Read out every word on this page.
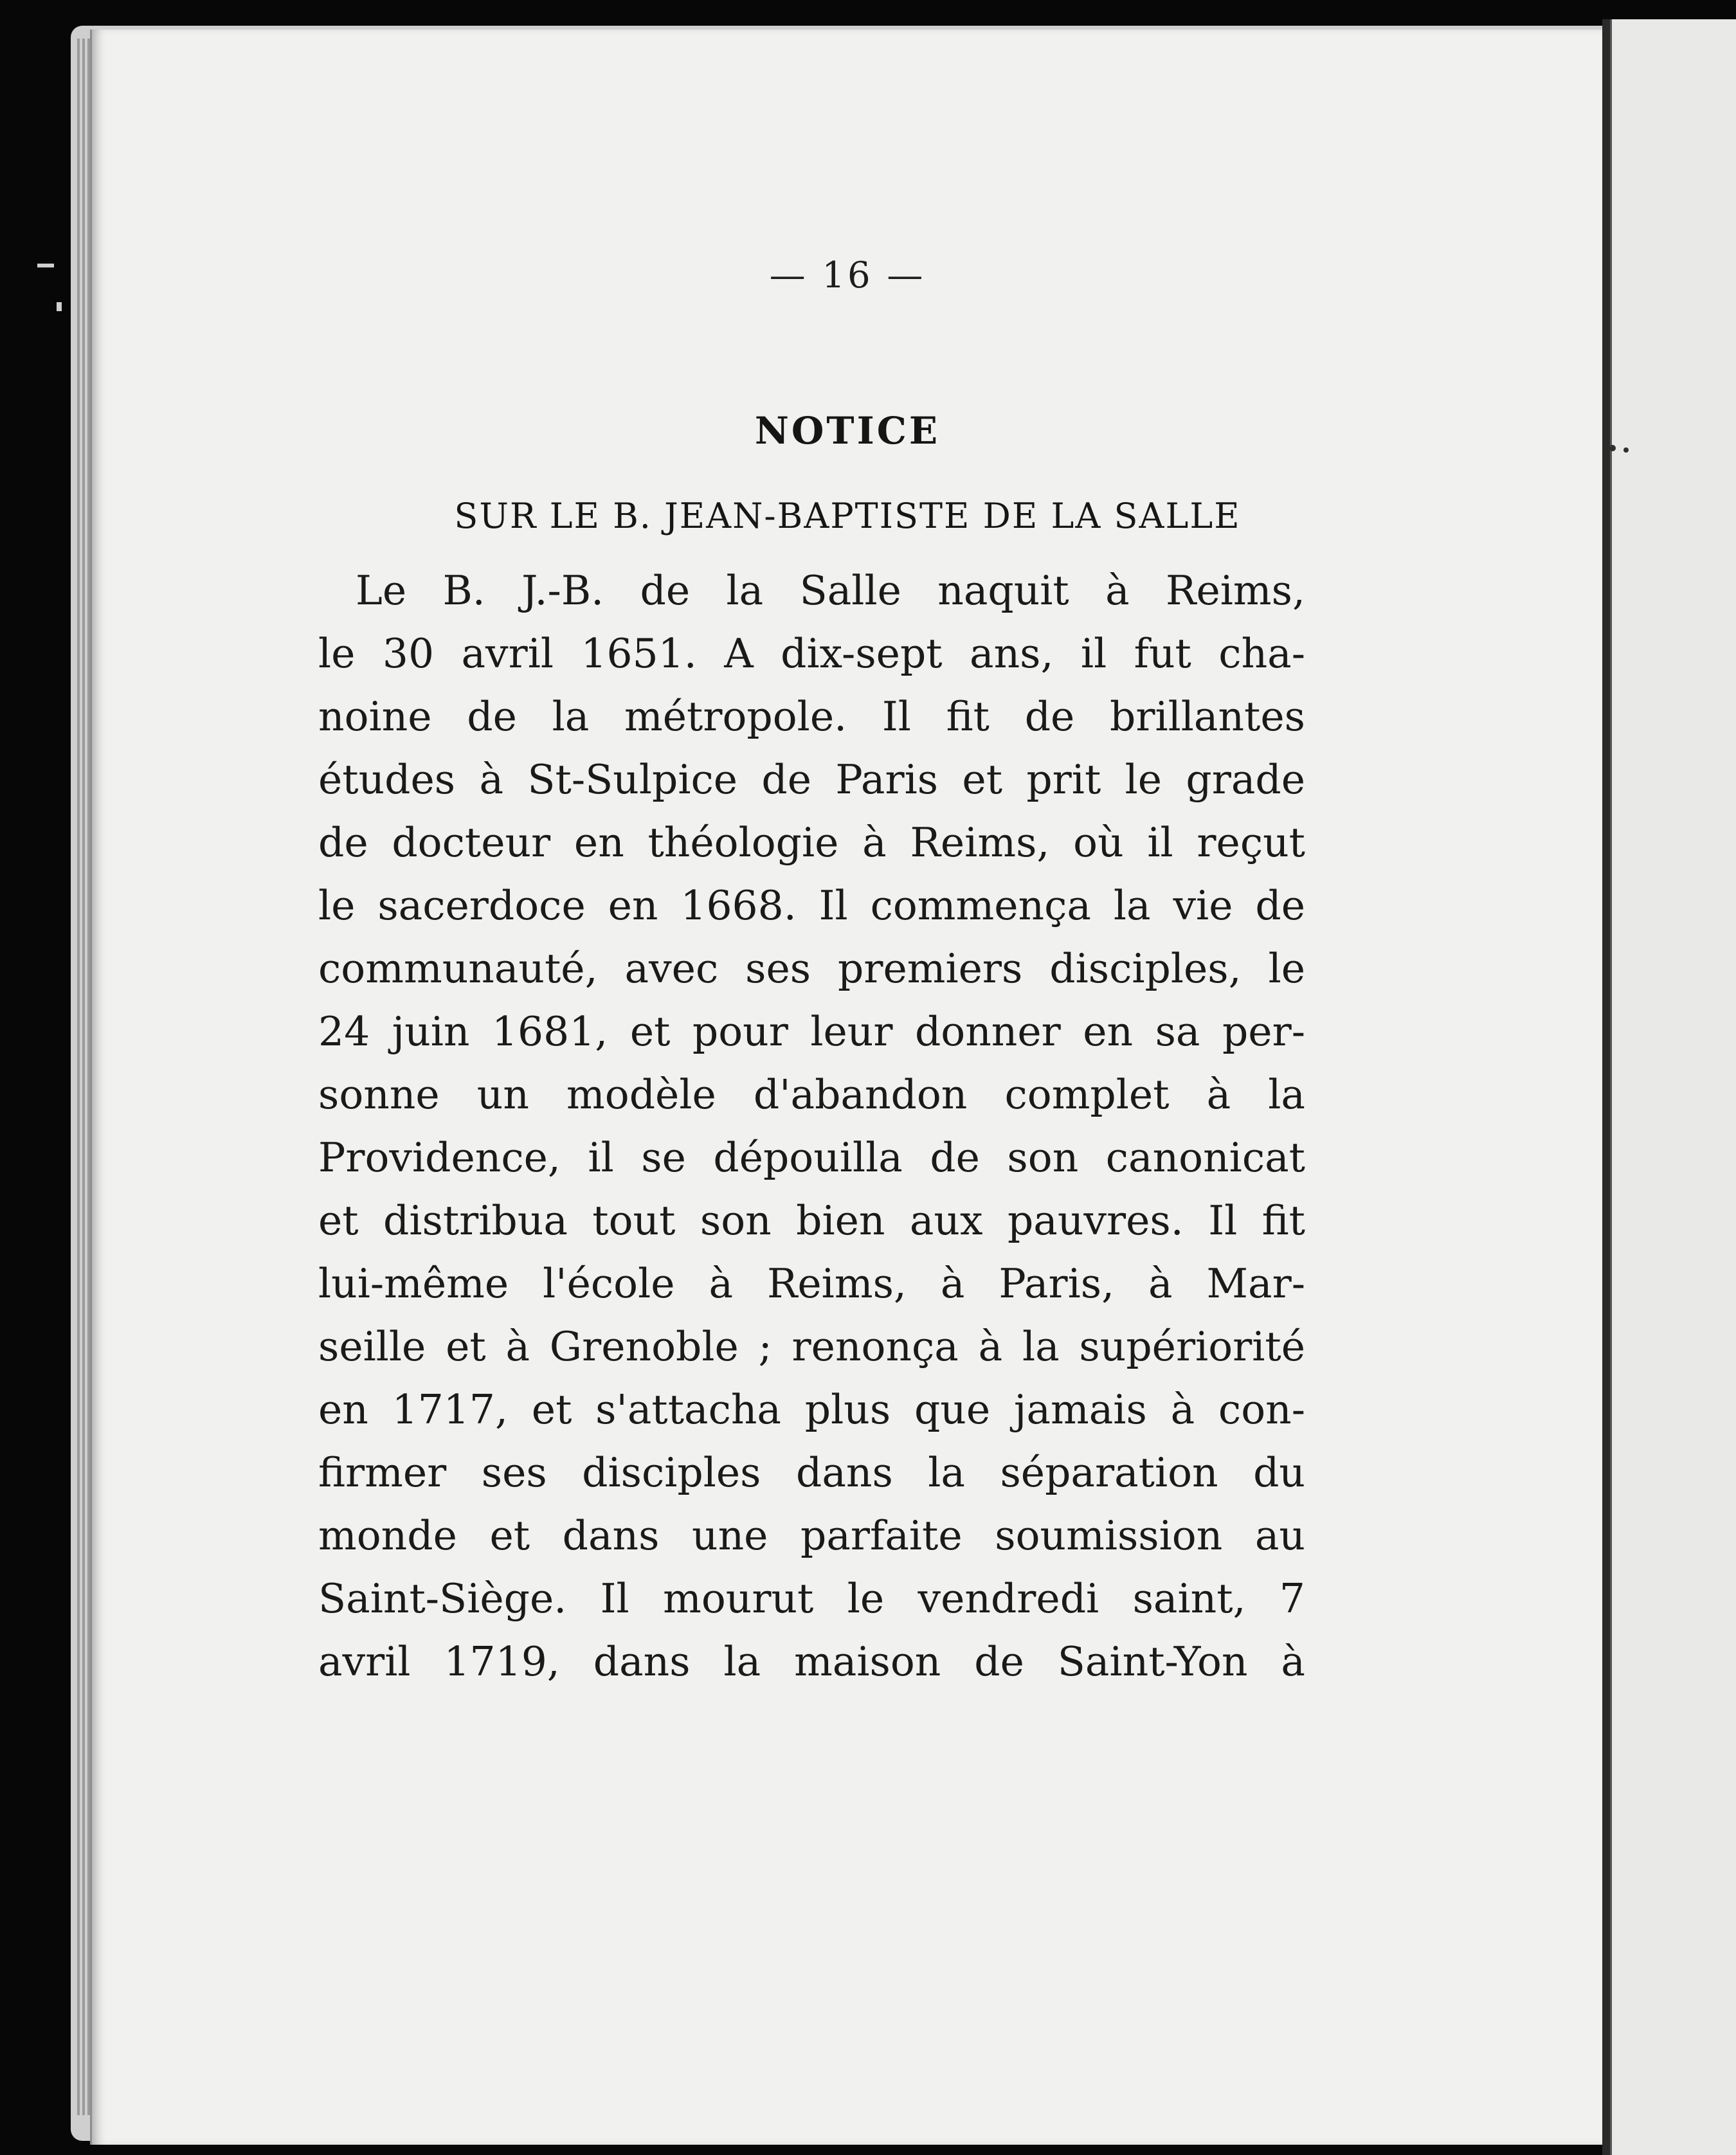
— 16 —
NOTICE
SUR LE B. JEAN-BAPTISTE DE LA SALLE
Le B. J.-B. de la Salle naquit à Reims,
le 30 avril 1651. A dix-sept ans, il fut cha-
noine de la métropole. Il fit de brillantes
études à St-Sulpice de Paris et prit le grade
de docteur en théologie à Reims, où il reçut
le sacerdoce en 1668. Il commença la vie de
communauté, avec ses premiers disciples, le
24 juin 1681, et pour leur donner en sa per-
sonne un modèle d'abandon complet à la
Providence, il se dépouilla de son canonicat
et distribua tout son bien aux pauvres. Il fit
lui-même l'école à Reims, à Paris, à Mar-
seille et à Grenoble ; renonça à la supériorité
en 1717, et s'attacha plus que jamais à con-
firmer ses disciples dans la séparation du
monde et dans une parfaite soumission au
Saint-Siège. Il mourut le vendredi saint, 7
avril 1719, dans la maison de Saint-Yon à
